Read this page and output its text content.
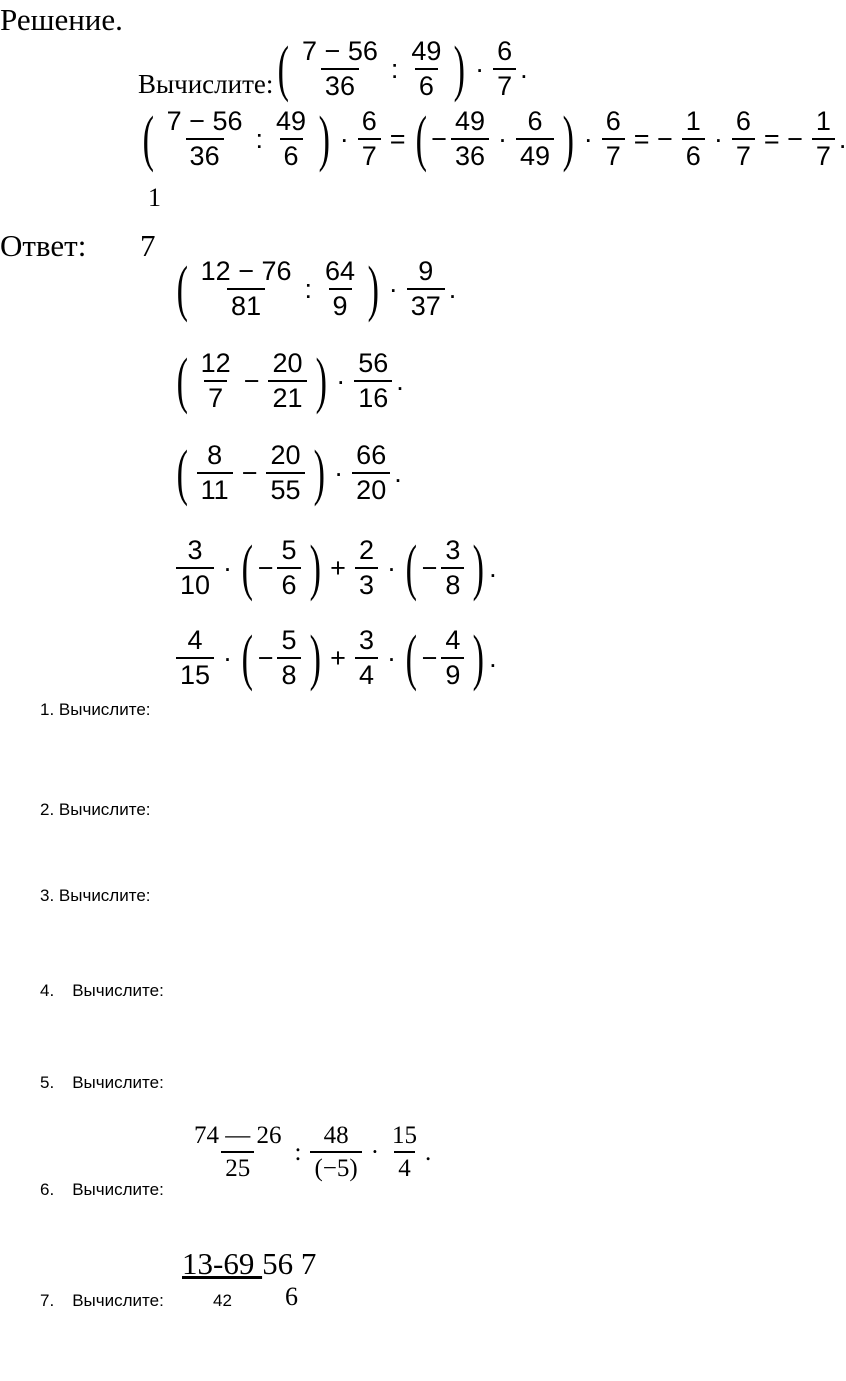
Решение.
Вычислите: ( $\frac{7 - 56}{36}$ : $\frac{49}{6}$ ) · $\frac{6}{7}$ .
( $\frac{7 - 56}{36}$ : $\frac{49}{6}$ ) · $\frac{6}{7}$ = ( − $\frac{49}{36} \cdot \frac{6}{49}$ ) · $\frac{6}{7}$ = − $\frac{1}{6} \cdot \frac{6}{7}$ = − $\frac{1}{7}$ .
1
Ответ: 7
( $\frac{12 - 76}{81}$ : $\frac{64}{9}$ ) · $\frac{9}{37}$ .
( $\frac{12}{7} - \frac{20}{21}$ ) · $\frac{56}{16}$ .
( $\frac{8}{11} - \frac{20}{55}$ ) · $\frac{66}{20}$ .
$\frac{3}{10}$ · ( − $\frac{5}{6}$ ) + $\frac{2}{3}$ · ( − $\frac{3}{8}$ ) .
$\frac{4}{15}$ · ( − $\frac{5}{8}$ ) + $\frac{3}{4}$ · ( − $\frac{4}{9}$ ) .
1. Вычислите:
2. Вычислите:
3. Вычислите:
4. Вычислите:
5. Вычислите:
6. Вычислите:
$\frac{74 — 26}{25}$ : $\frac{48}{(-5)} \cdot \frac{15}{4}$ .
13-69 56 7
7. Вычислите:	42 6
